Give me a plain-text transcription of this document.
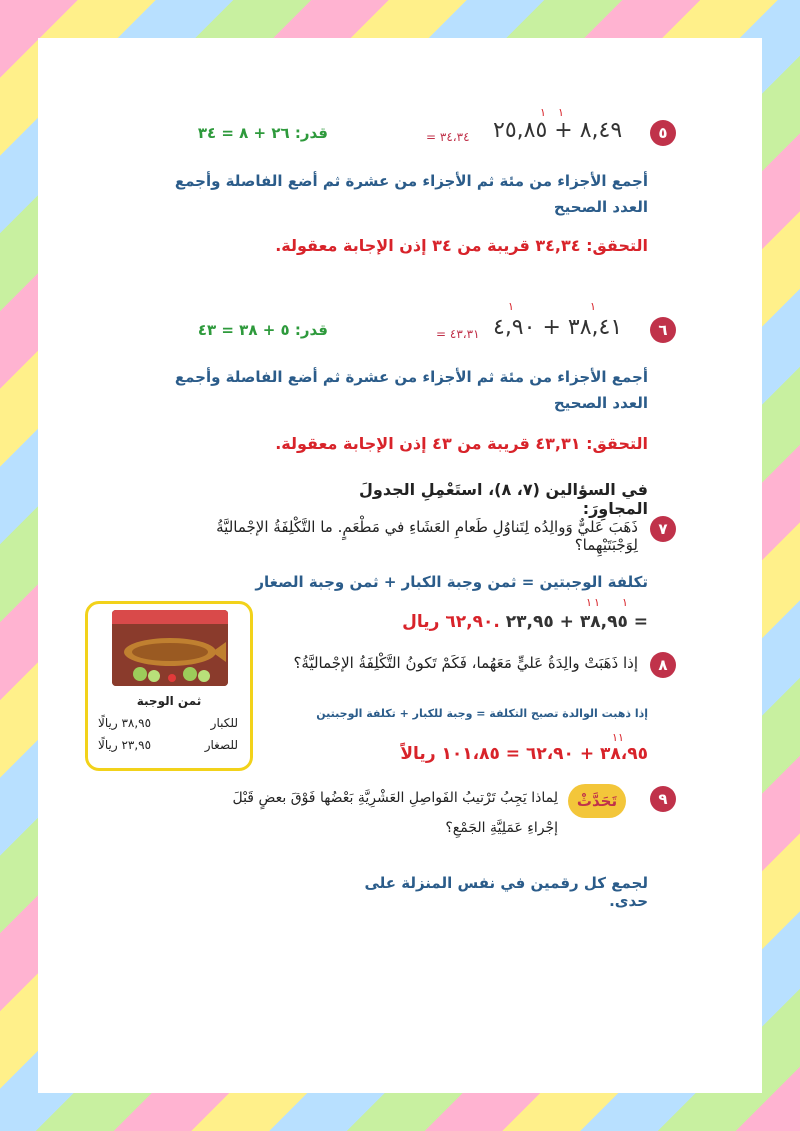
٥
١ ١
٨,٤٩ + ٢٥,٨٥
= ٣٤،٣٤
قدر: ٢٦ + ٨ = ٣٤
أجمع الأجزاء من مئة ثم الأجزاء من عشرة ثم أضع الفاصلة وأجمع العدد الصحيح
التحقق: ٣٤,٣٤ قريبة من ٣٤ إذن الإجابة معقولة.
٦
١
١
٣٨,٤١ + ٤,٩٠
= ٤٣،٣١
قدر: ٥ + ٣٨ = ٤٣
أجمع الأجزاء من مئة ثم الأجزاء من عشرة ثم أضع الفاصلة وأجمع العدد الصحيح
التحقق: ٤٣,٣١ قريبة من ٤٣ إذن الإجابة معقولة.
في السؤالين (٧، ٨)، استَعْمِلِ الجدولَ المجاوِرَ:
٧
ذَهَبَ عَليٌّ وَوالِدُه لِتَناوُلِ طَعامِ العَشَاءِ في مَطْعَمٍ. ما التَّكْلِفَةُ الإجْماليَّةُ لِوَجْبَتَيْهِما؟
تكلفة الوجبتين = ثمن وجبة الكبار + ثمن وجبة الصغار
١ ١ ١
٣٨,٩٥ + ٢٣,٩٥ =
٦٢,٩٠ ريال.
ثمن الوجبة
للكبار
٣٨,٩٥ ريالًا
للصغار
٢٣,٩٥ ريالًا
٨
إذا ذَهَبَتْ والِدَةُ عَليٍّ مَعَهُما، فَكَمْ تَكونُ التَّكْلِفَةُ الإجْماليَّةُ؟
إذا ذهبت الوالدة تصبح التكلفة = وجبة للكبار + تكلفة الوجبتين
١ ١
٣٨،٩٥ + ٦٢،٩٠ = ١٠١،٨٥ ريالاً
٩
تَحَدَّثْ
لِماذا يَجِبُ تَرْتيبُ الفَواصِلِ العَشْرِيَّةِ بَعْضُها فَوْقَ بعضٍ قَبْلَ
إجْراءِ عَمَلِيَّةِ الجَمْعِ؟
لجمع كل رقمين في نفس المنزلة على حدى.
